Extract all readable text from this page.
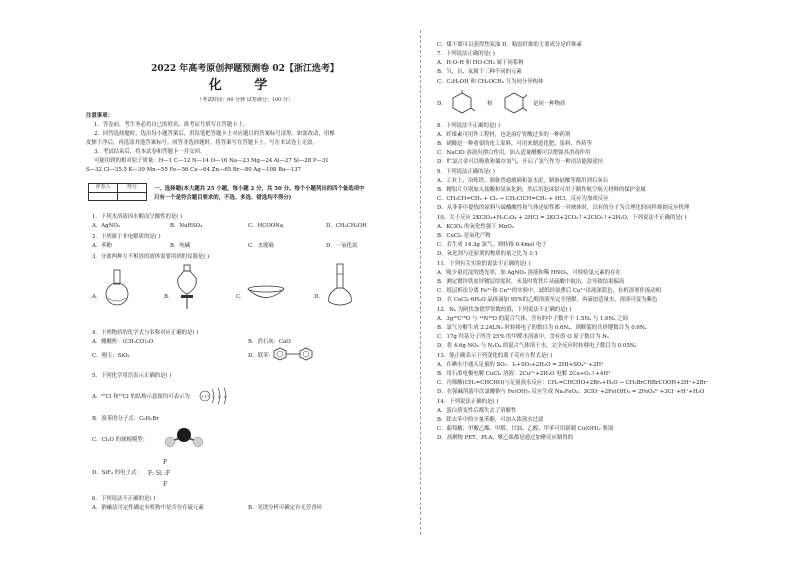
2022 年高考原创押题预测卷 02【浙江选考】
化 学
（考试时间：90 分钟 试卷满分：100 分）
注意事项：
1．答卷前，考生务必将自己的姓名、准考证号填写在答题卡上。
2．回答选择题时，选出每小题答案后，用铅笔把答题卡上对应题目的答案标号涂黑。如需改动，用橡
皮擦干净后，再选涂其他答案标号。回答非选择题时，将答案写在答题卡上。写在本试卷上无效。
3．考试结束后，将本试卷和答题卡一并交回。
可能用到的相对原子质量：H—1 C—12 N—14 O—16 Na—23 Mg—24 Al—27 Si—28 P—31
S—32 Cl—35.5 K—39 Mn—55 Fe—56 Cu—64 Zn—65 Br—80 Ag—108 Ba—137
评卷人	得分
		一、选择题(本大题共 25 小题，每小题 2 分，共 50 分。每个小题列出的四个备选项中
只有一个是符合题目要求的，不选、多选、错选均不得分)
1．下列水溶液因水解而呈酸性的是( )
A．AgNO₃	B．NaHSO₄	C．HCOONa	D．CH₃CH₂OH
2．下列属于非电解质的是( )
A．苯酚	B．纯碱	C．水玻璃	D．一氧化氮
3．分离两种互不相溶的液体需要用到的仪器是( )
A．	B．	C．	D．
4．下列物质的化学式与名称对应正确的是( )
A．醋酸酐：(CH₃CO)₂O	B．消石灰：CaO
C．刚玉：SiO₂	D．联苯：
5．下列化学用语表示正确的是( )
A．³⁵Cl 和³⁷Cl 的结构示意图均可表示为	+17 2 8 8
B．溴苯的分子式：C₆H₅Br
C．Cl₂O 的球棍模型：
D．SiF₄ 的电子式：
F
F: Si :F
F
6．下列说法不正确的是( )
A．钠融法可定性确定有机物中是否存在硫元素	B．光谱分析可确定有无芳香环
C．煤干馏可以获得焦炭油 D．粘胶纤维的主要成分是纤维素
7．下列说法正确的是( )
A．H-O-H 和 HO-CH₃ 属于同系物
B．氕、氘、氚属于三种不同的元素
C．C₂H₅OH 和 CH₃OCH₃ 互为同分异构体
D．	和	是同一种物质
8．下列说法不正确的是( )
A．纤维素可用作工程材，也是治疗胃酸过多的一种药剂
B．硝酸是一种重要的化工原料，可用来制造化肥、染料、炸药等
C．NaClO 溶液有漂白作用，加入适量醋酸可以增强其消毒作用
D．贮氯合金可以吸收和储存氢气，开启了氢气作为一种清洁能源途径
9．下列说法正确的是( )
A．工业上，冶炼铁、制备普通玻璃和氯水泥，制备硅酸等都用到石灰石
B．精铝片分别加入盐酸和氢氧化钠，然后用泡沫铝可用于制作航空航天材料的保护金属
C．CH₃CH=CH₂ + Cl₂ → CH₂ClCH=CH₂ + HCl，反应为加成反应
D．从菲菲中提炼的原料与硫酸酸性和气体还原性都一对映体时，以有的分子为合理化的同样规则反应机理
10．关于反应 2KClO₃+H₂C₂O₄ + 2HCl = 2KCl+2CO₂↑+2ClO₂↑+2H₂O，下列说法不正确的是( )
A．KClO₃ 的氧化性强于 MnO₂
B．CuCl₂ 是氧化产物
C．若生成 14.3g 氯气，则转移 0.4mol 电子
D．氧化剂与还原剂的物质的量之比为 1:1
11．下列有关实验的说法不正确的是( )
A．吸少量沉淀的透光率，加 AgNO₃ 溶液和稀 HNO₃，可检验氯元素的存在
B．测定镀锌铁皮锌镀层厚度时，未及时将铁片从硫酸中取出，会导致结果偏高
C．纸层析法分离 Fe³⁺和 Cu²⁺的实验中，滤纸经氨熏后 Cu²⁺出现深蓝色，有机溶剂作流动相
D．在 CoCl₂·6H₂O 晶体滴加 95%的乙醇溶液至完全溶解，再滴加适量水，溶液可变为紫色
12．Nₐ 为阿伏加德罗常数的值，下列说法不正确的是( )
A．3g¹⁶C¹⁸O 与 ¹⁴N¹⁸O 的混合气体，含有的中子数介于 1.5Nₐ 与 1.6Nₐ 之间
B．氯气分解生成 2.24LN₂ 时转移电子的数目为 0.6Nₐ，则断裂的共价键数目为 0.6Nₐ
C．17g 羟基分子所含 25% 的甲醛水溶液中，含有的 O 原子数目为 Nₐ
D．将 4.6g NO₂ 与 N₂O₄ 的混合气体溶于水，完全反应时转移电子数目为 0.05Nₐ
13．能正确表示下列变化的离子反应方程式是( )
A．在碘水中通入足量的 SO₂：I₂+SO₂+2H₂O = 2HI+SO₄²⁻+2H⁺
B．用石墨电极电解 CuCl₂ 溶液：2Cu²⁺+2H₂O 电解 2Cu+O₂↑+4H⁺
C．丙烯酸(CH₂=CHCHO)与足量溴水反应：CH₂=CHCHO+2Br₂+H₂O → CH₂BrCHBrCOOH+2H⁺+2Br⁻
D．在强碱溶液中次氯酸钠与 Fe(OH)₃ 反应生成 Na₂FeO₄：3ClO⁻+2Fe(OH)₃ = 2FeO₄²⁻+3Cl⁻+H⁺+H₂O
14．下列说法正确的是( )
A．蛋白质变性后都失去了溶解性
B．除去苯中的少量苯酚，可加入浓溴水过滤
C．葡萄糖、甲酸乙酯、甲醛、甘油、乙醇、甲苯可用新制 Cu(OH)₂ 鉴别
D．高聚物 PET、PLA、聚乙烯都是通过加聚反应制得的
